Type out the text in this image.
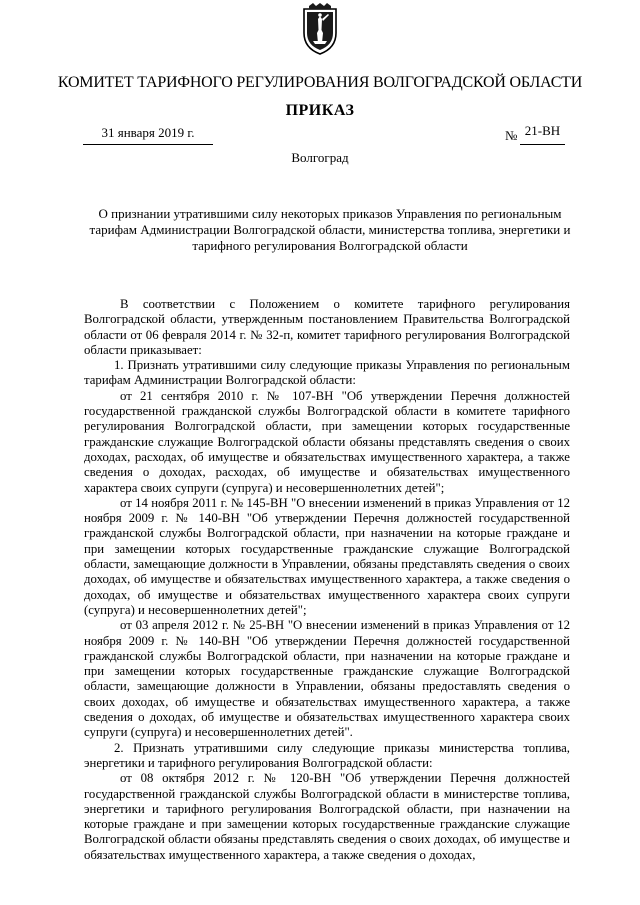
КОМИТЕТ ТАРИФНОГО РЕГУЛИРОВАНИЯ ВОЛГОГРАДСКОЙ ОБЛАСТИ
ПРИКАЗ
31 января 2019 г.	№ 21-ВН
Волгоград
О признании утратившими силу некоторых приказов Управления по региональным тарифам Администрации Волгоградской области, министерства топлива, энергетики и тарифного регулирования Волгоградской области

В соответствии с Положением о комитете тарифного регулирования Волгоградской области, утвержденным постановлением Правительства Волгоградской области от 06 февраля 2014 г. № 32-п, комитет тарифного регулирования Волгоградской области приказывает:

1. Признать утратившими силу следующие приказы Управления по региональным тарифам Администрации Волгоградской области:

от 21 сентября 2010 г. № 107-ВН "Об утверждении Перечня должностей государственной гражданской службы Волгоградской области в комитете тарифного регулирования Волгоградской области, при замещении которых государственные гражданские служащие Волгоградской области обязаны представлять сведения о своих доходах, расходах, об имуществе и обязательствах имущественного характера, а также сведения о доходах, расходах, об имуществе и обязательствах имущественного характера своих супруги (супруга) и несовершеннолетних детей";

от 14 ноября 2011 г. № 145-ВН "О внесении изменений в приказ Управления от 12 ноября 2009 г. № 140-ВН "Об утверждении Перечня должностей государственной гражданской службы Волгоградской области, при назначении на которые граждане и при замещении которых государственные гражданские служащие Волгоградской области, замещающие должности в Управлении, обязаны представлять сведения о своих доходах, об имуществе и обязательствах имущественного характера, а также сведения о доходах, об имуществе и обязательствах имущественного характера своих супруги (супруга) и несовершеннолетних детей";

от 03 апреля 2012 г. № 25-ВН "О внесении изменений в приказ Управления от 12 ноября 2009 г. № 140-ВН "Об утверждении Перечня должностей государственной гражданской службы Волгоградской области, при назначении на которые граждане и при замещении которых государственные гражданские служащие Волгоградской области, замещающие должности в Управлении, обязаны предоставлять сведения о своих доходах, об имуществе и обязательствах имущественного характера, а также сведения о доходах, об имуществе и обязательствах имущественного характера своих супруги (супруга) и несовершеннолетних детей".

2. Признать утратившими силу следующие приказы министерства топлива, энергетики и тарифного регулирования Волгоградской области:

от 08 октября 2012 г. № 120-ВН "Об утверждении Перечня должностей государственной гражданской службы Волгоградской области в министерстве топлива, энергетики и тарифного регулирования Волгоградской области, при назначении на которые граждане и при замещении которых государственные гражданские служащие Волгоградской области обязаны представлять сведения о своих доходах, об имуществе и обязательствах имущественного характера, а также сведения о доходах,
